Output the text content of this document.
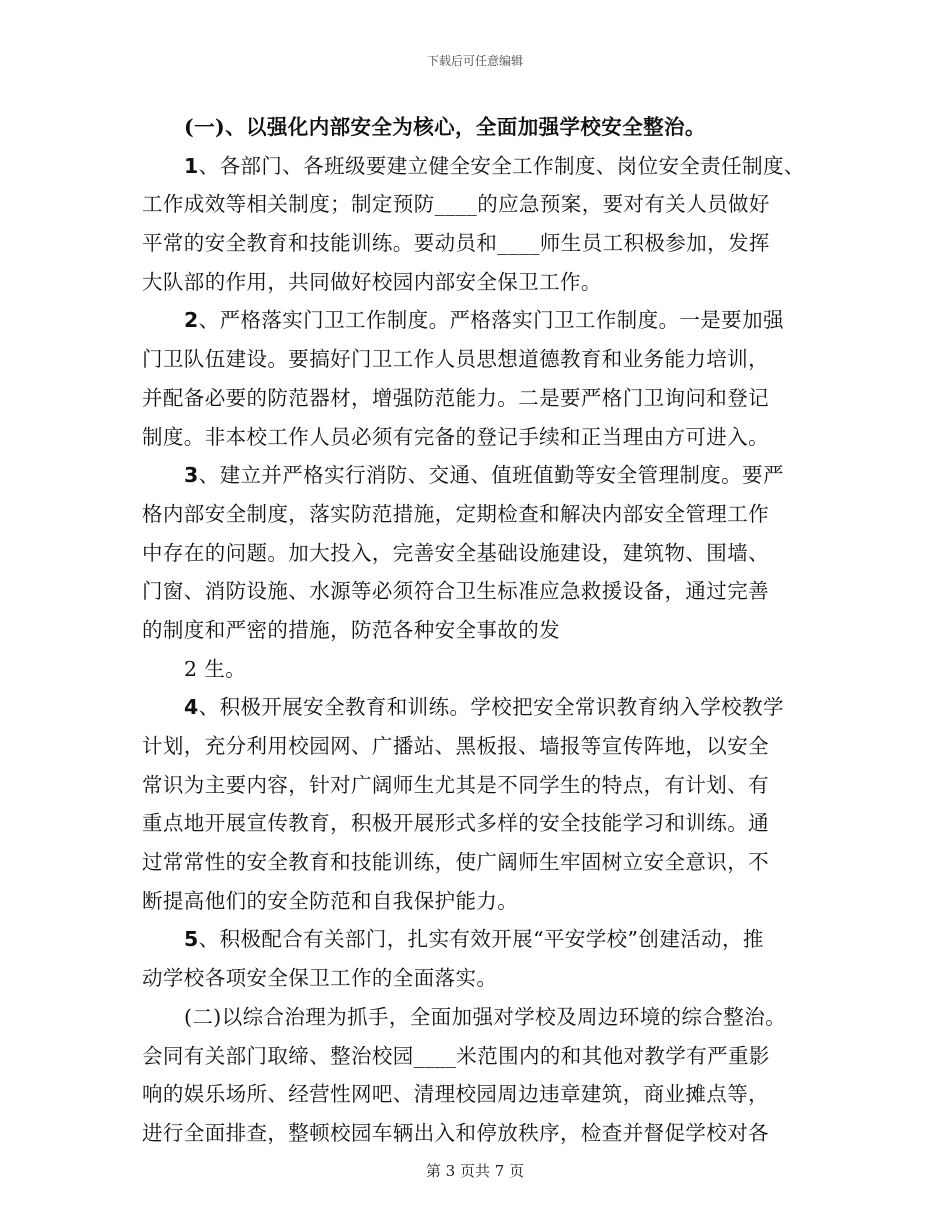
下载后可任意编辑
(一)、以强化内部安全为核心，全面加强学校安全整治。
1、各部门、各班级要建立健全安全工作制度、岗位安全责任制度、
工作成效等相关制度；制定预防____的应急预案，要对有关人员做好
平常的安全教育和技能训练。要动员和____师生员工积极参加，发挥
大队部的作用，共同做好校园内部安全保卫工作。
2、严格落实门卫工作制度。严格落实门卫工作制度。一是要加强
门卫队伍建设。要搞好门卫工作人员思想道德教育和业务能力培训，
并配备必要的防范器材，增强防范能力。二是要严格门卫询问和登记
制度。非本校工作人员必须有完备的登记手续和正当理由方可进入。
3、建立并严格实行消防、交通、值班值勤等安全管理制度。要严
格内部安全制度，落实防范措施，定期检查和解决内部安全管理工作
中存在的问题。加大投入，完善安全基础设施建设，建筑物、围墙、
门窗、消防设施、水源等必须符合卫生标准应急救援设备，通过完善
的制度和严密的措施，防范各种安全事故的发
2 生。
4、积极开展安全教育和训练。学校把安全常识教育纳入学校教学
计划，充分利用校园网、广播站、黑板报、墙报等宣传阵地，以安全
常识为主要内容，针对广阔师生尤其是不同学生的特点，有计划、有
重点地开展宣传教育，积极开展形式多样的安全技能学习和训练。通
过常常性的安全教育和技能训练，使广阔师生牢固树立安全意识，不
断提高他们的安全防范和自我保护能力。
5、积极配合有关部门，扎实有效开展“平安学校”创建活动，推
动学校各项安全保卫工作的全面落实。
(二)以综合治理为抓手，全面加强对学校及周边环境的综合整治。
会同有关部门取缔、整治校园____米范围内的和其他对教学有严重影
响的娱乐场所、经营性网吧、清理校园周边违章建筑，商业摊点等，
进行全面排查，整顿校园车辆出入和停放秩序，检查并督促学校对各
第 3 页共 7 页
